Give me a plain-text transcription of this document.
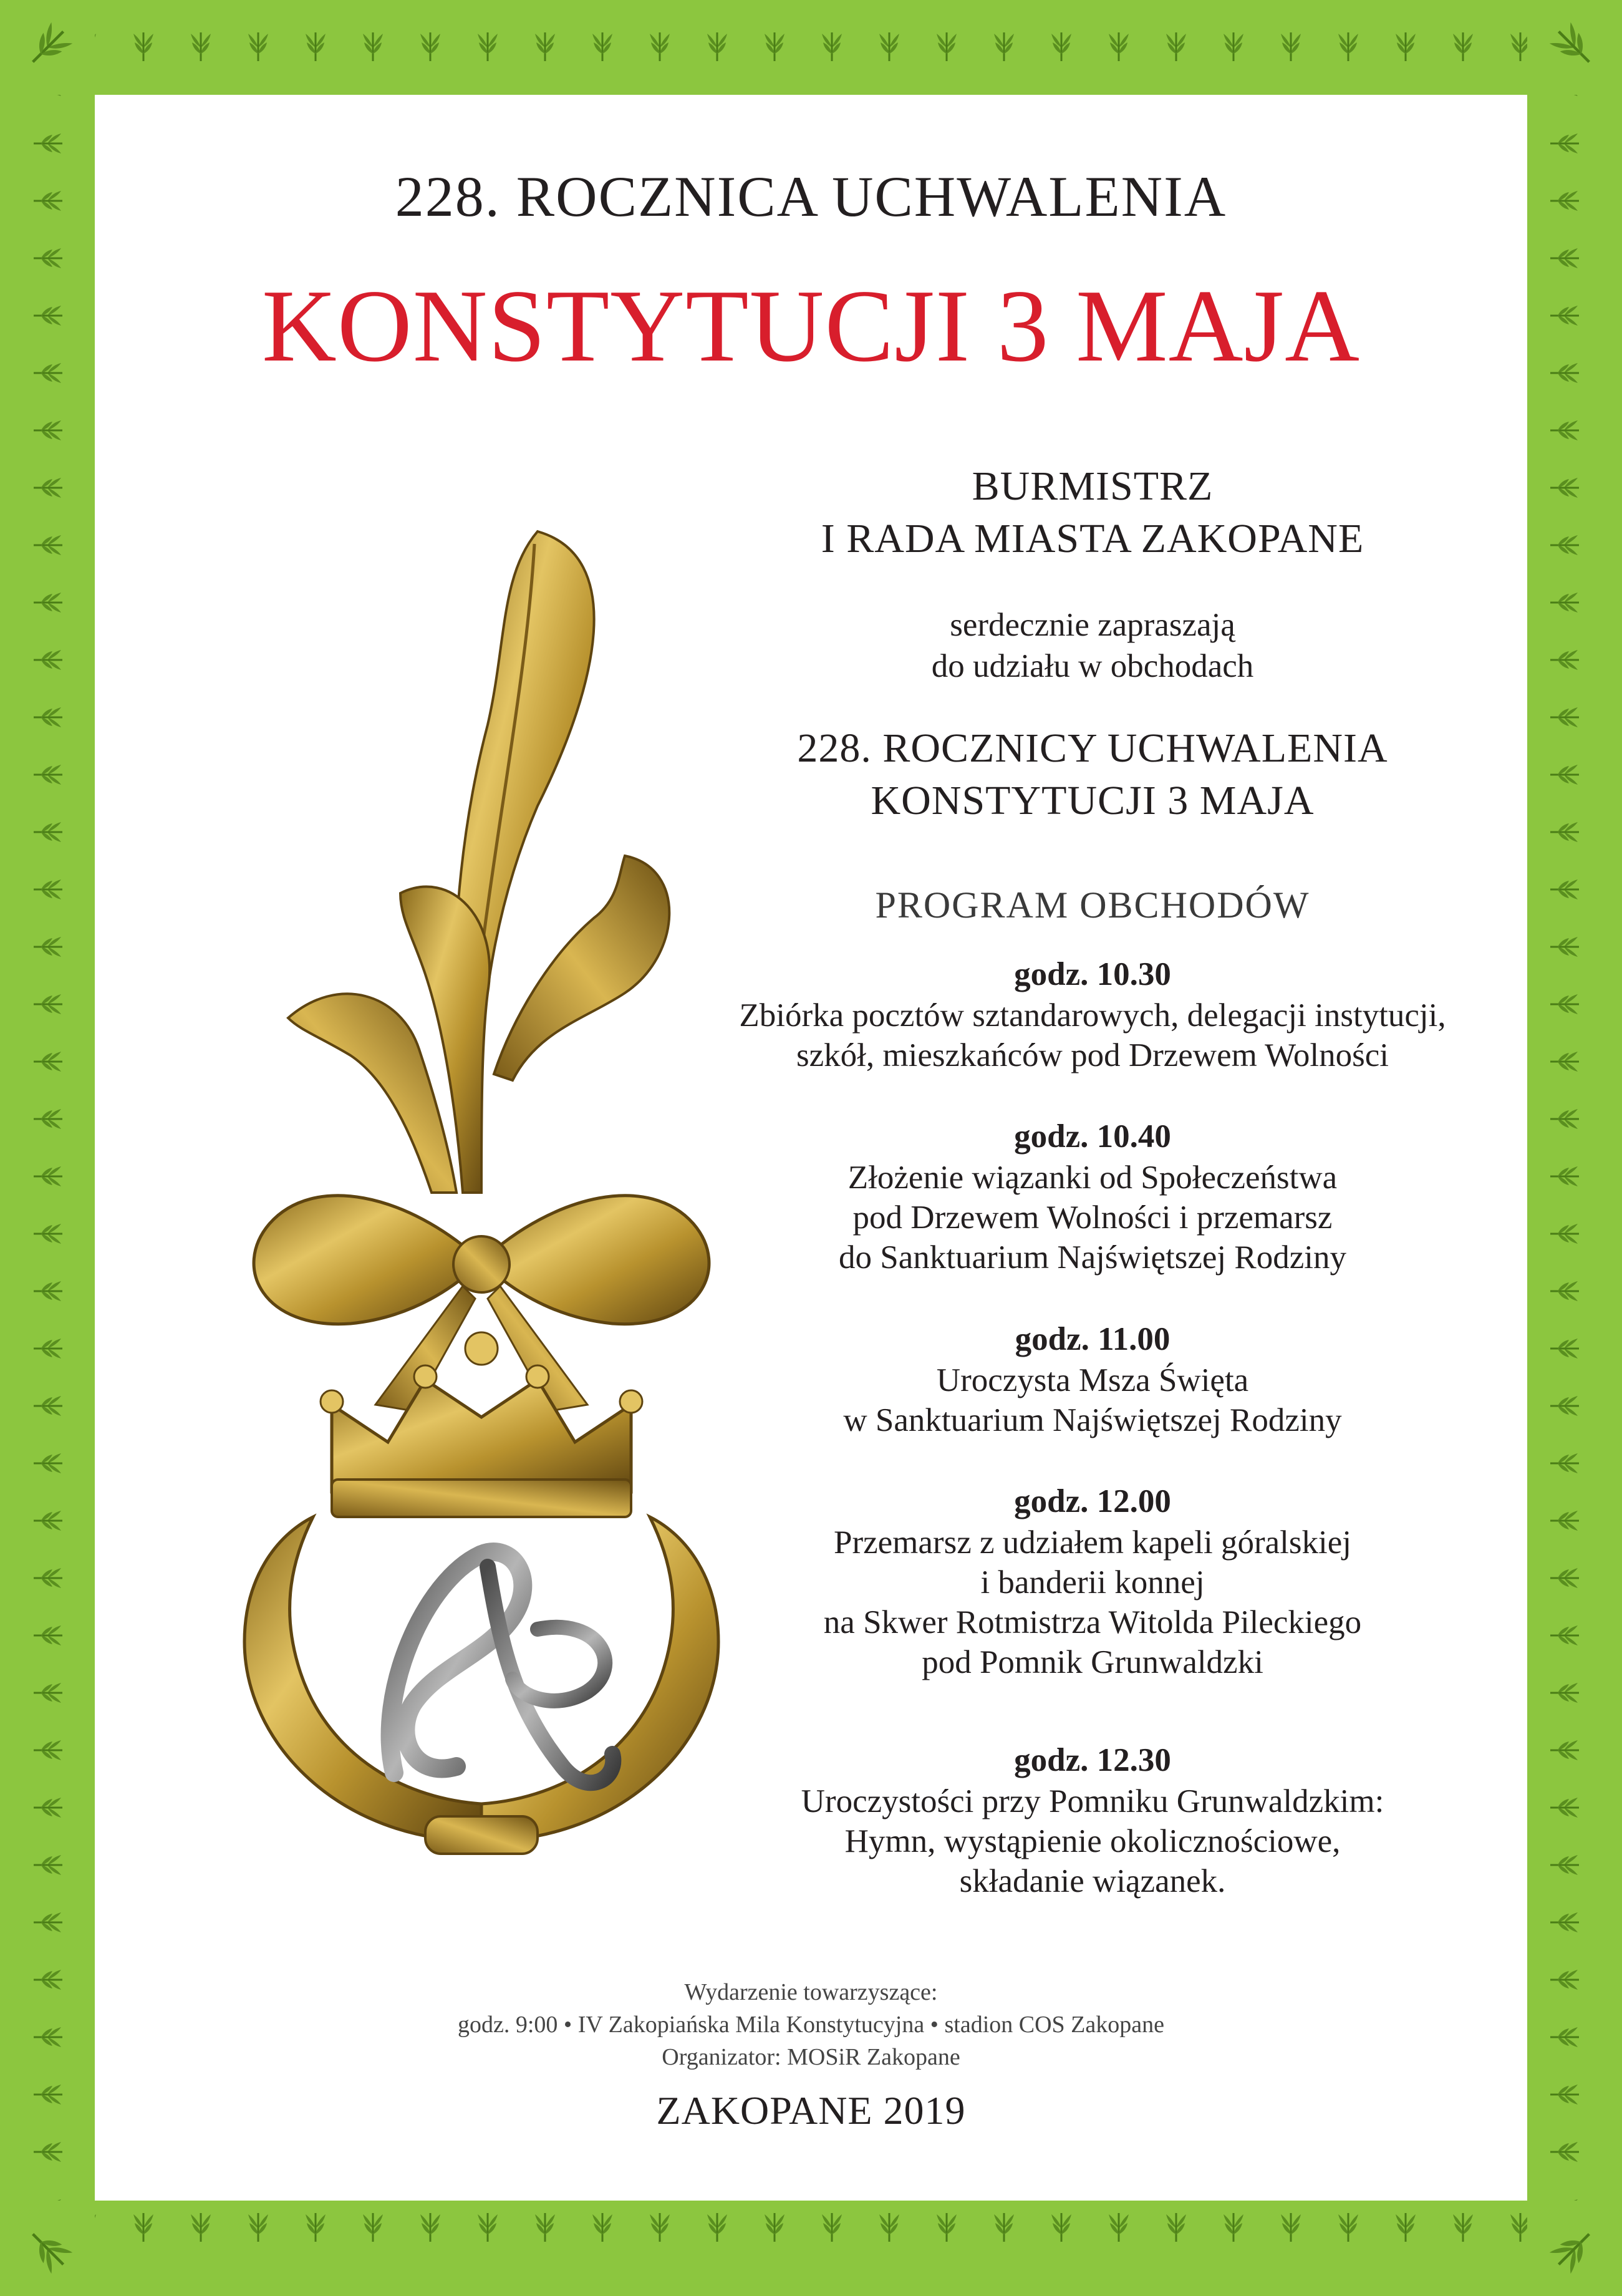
228. ROCZNICA UCHWALENIA
KONSTYTUCJI 3 MAJA
BURMISTRZ
I RADA MIASTA ZAKOPANE
serdecznie zapraszają
do udziału w obchodach
228. ROCZNICY UCHWALENIA
KONSTYTUCJI 3 MAJA
PROGRAM OBCHODÓW
godz. 10.30
Zbiórka pocztów sztandarowych, delegacji instytucji,
szkół, mieszkańców pod Drzewem Wolności
godz. 10.40
Złożenie wiązanki od Społeczeństwa
pod Drzewem Wolności i przemarsz
do Sanktuarium Najświętszej Rodziny
godz. 11.00
Uroczysta Msza Święta
w Sanktuarium Najświętszej Rodziny
godz. 12.00
Przemarsz z udziałem kapeli góralskiej
i banderii konnej
na Skwer Rotmistrza Witolda Pileckiego
pod Pomnik Grunwaldzki
godz. 12.30
Uroczystości przy Pomniku Grunwaldzkim:
Hymn, wystąpienie okolicznościowe,
składanie wiązanek.
Wydarzenie towarzyszące:
godz. 9:00 • IV Zakopiańska Mila Konstytucyjna • stadion COS Zakopane
Organizator: MOSiR Zakopane
ZAKOPANE 2019
